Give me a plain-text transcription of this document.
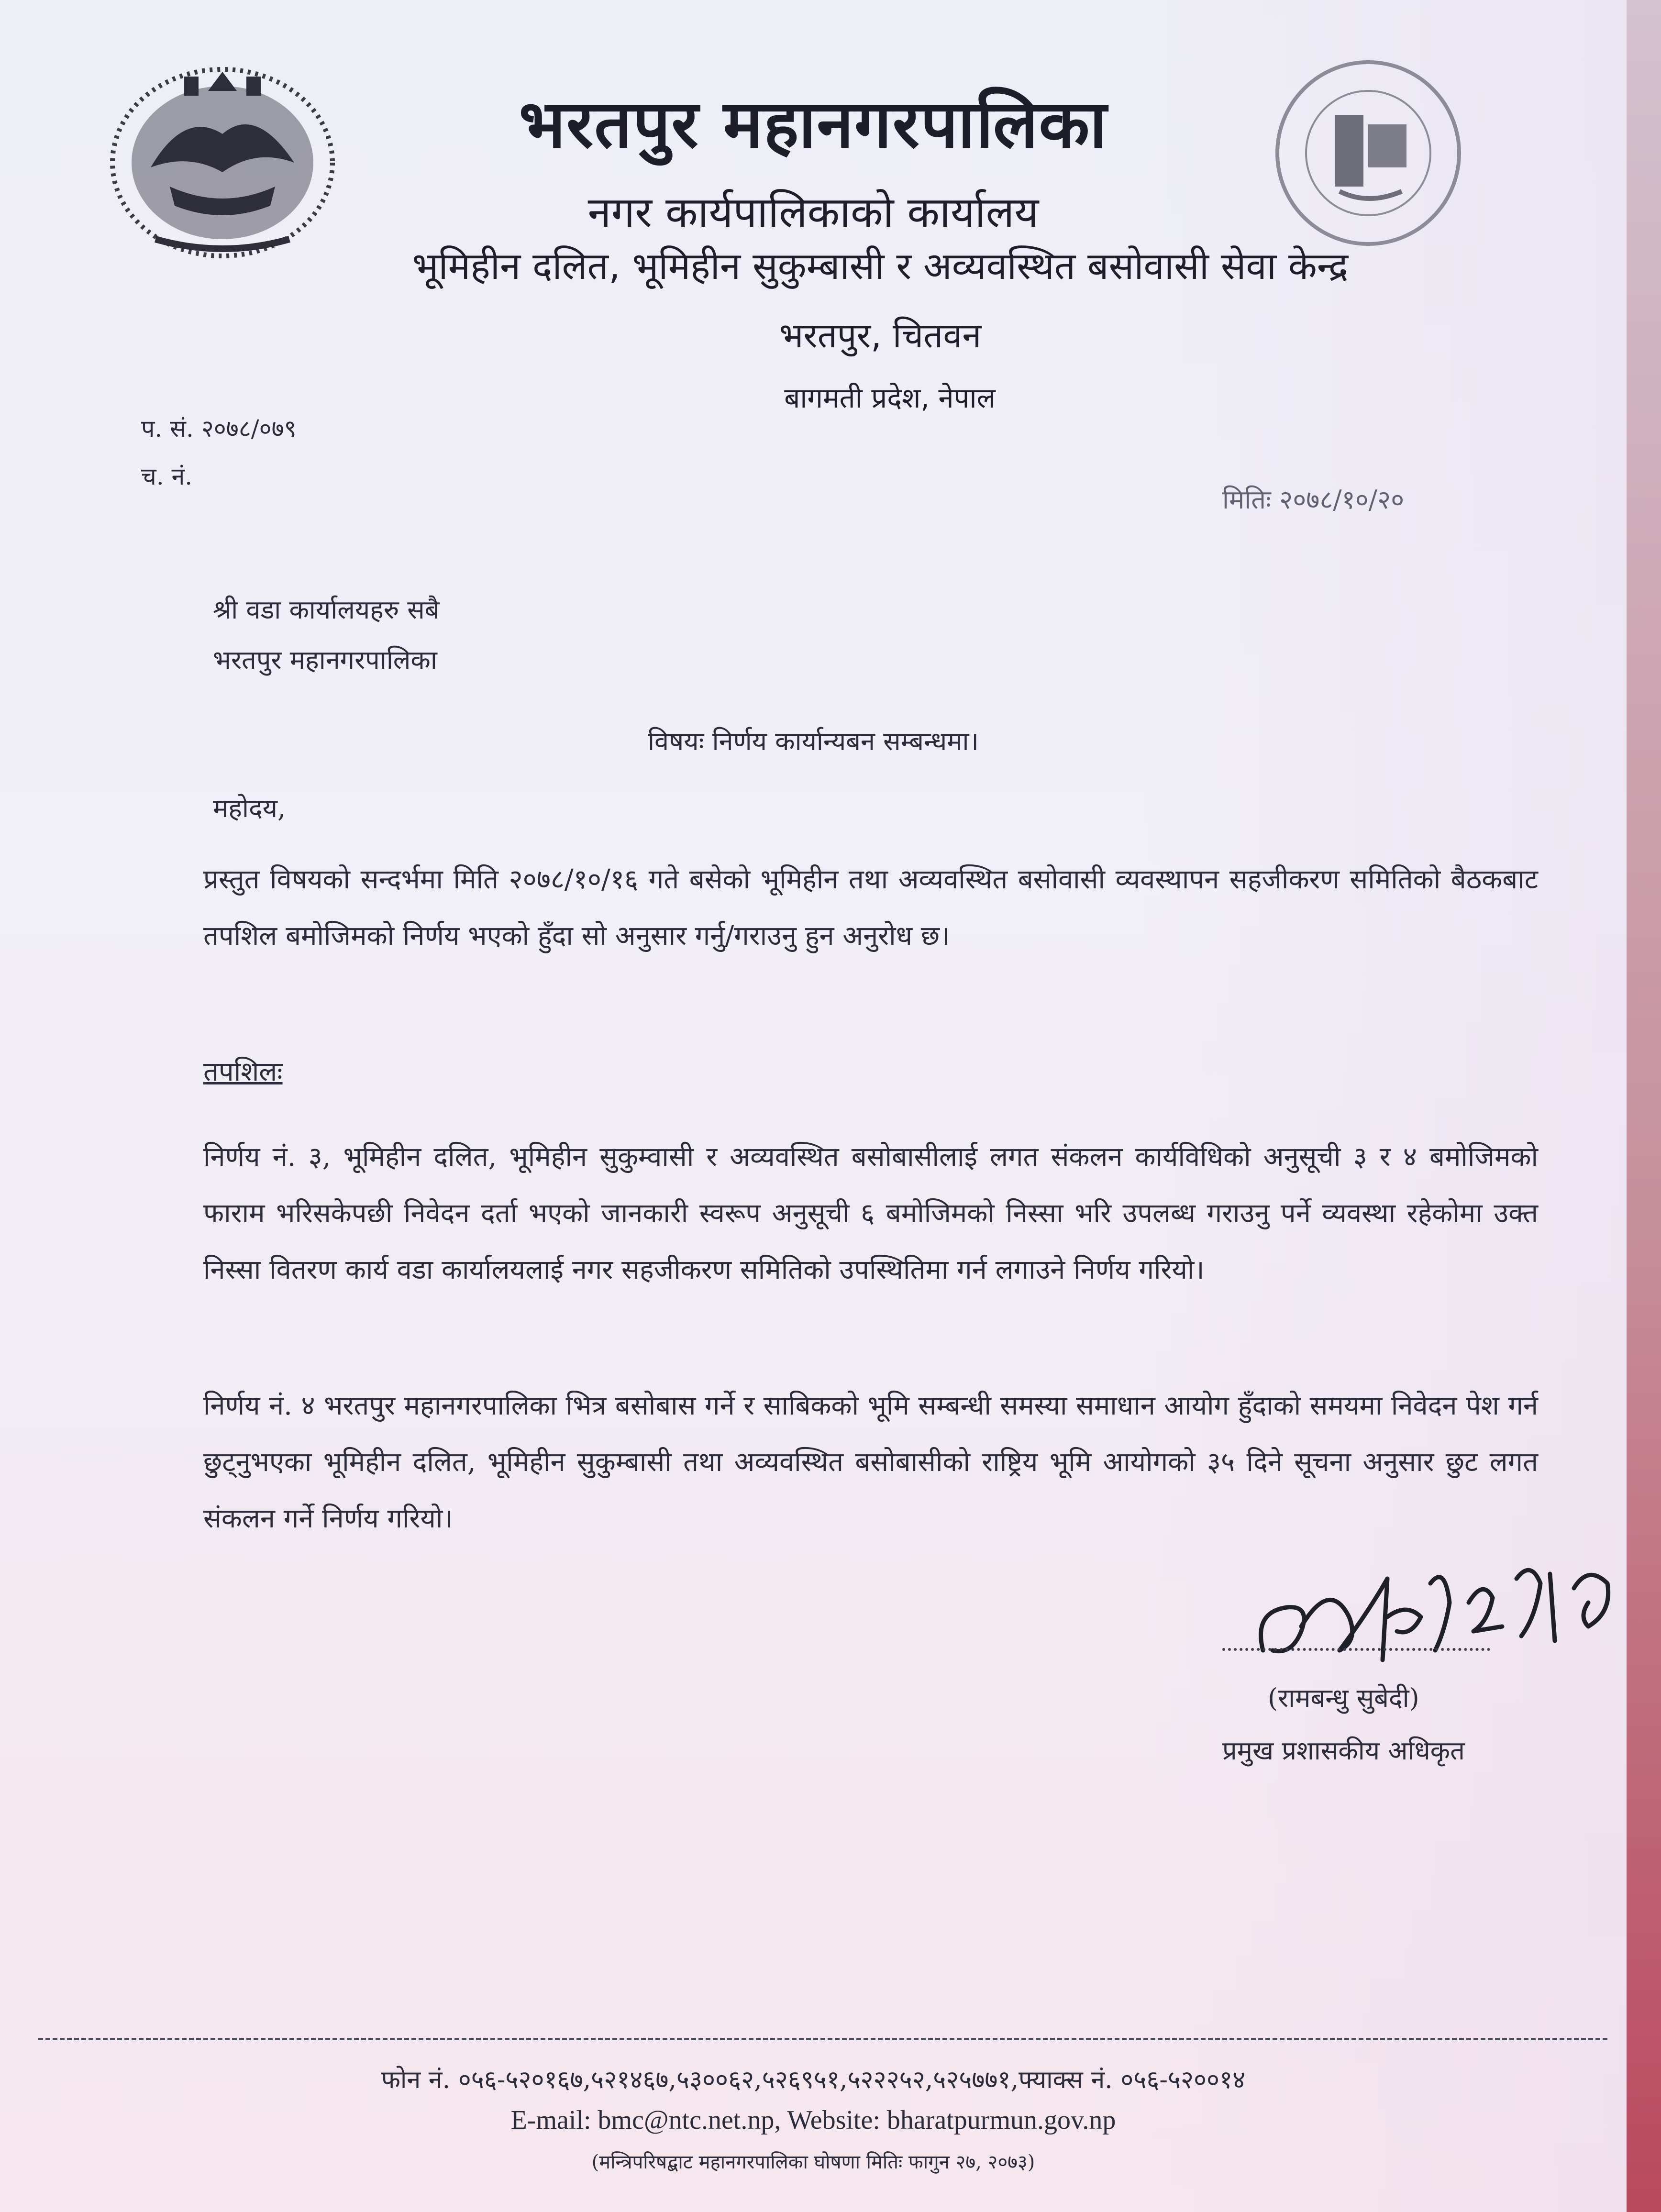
भरतपुर महानगरपालिका
नगर कार्यपालिकाको कार्यालय
भूमिहीन दलित, भूमिहीन सुकुम्बासी र अव्यवस्थित बसोवासी सेवा केन्द्र
भरतपुर, चितवन
बागमती प्रदेश, नेपाल
प. सं. २०७८/०७९
च. नं.
मितिः २०७८/१०/२०
श्री वडा कार्यालयहरु सबै
भरतपुर महानगरपालिका
विषयः निर्णय कार्यान्यबन सम्बन्धमा।
महोदय,
प्रस्तुत विषयको सन्दर्भमा मिति २०७८/१०/१६ गते बसेको भूमिहीन तथा अव्यवस्थित बसोवासी व्यवस्थापन सहजीकरण समितिको बैठकबाट तपशिल बमोजिमको निर्णय भएको हुँदा सो अनुसार गर्नु/गराउनु हुन अनुरोध छ।
तपशिलः
निर्णय नं. ३, भूमिहीन दलित, भूमिहीन सुकुम्वासी र अव्यवस्थित बसोबासीलाई लगत संकलन कार्यविधिको अनुसूची ३ र ४ बमोजिमको फाराम भरिसकेपछी निवेदन दर्ता भएको जानकारी स्वरूप अनुसूची ६ बमोजिमको निस्सा भरि उपलब्ध गराउनु पर्ने व्यवस्था रहेकोमा उक्त निस्सा वितरण कार्य वडा कार्यालयलाई नगर सहजीकरण समितिको उपस्थितिमा गर्न लगाउने निर्णय गरियो।
निर्णय नं. ४ भरतपुर महानगरपालिका भित्र बसोबास गर्ने र साबिकको भूमि सम्बन्धी समस्या समाधान आयोग हुँदाको समयमा निवेदन पेश गर्न छुट्नुभएका भूमिहीन दलित, भूमिहीन सुकुम्बासी तथा अव्यवस्थित बसोबासीको राष्ट्रिय भूमि आयोगको ३५ दिने सूचना अनुसार छुट लगत संकलन गर्ने निर्णय गरियो।
(रामबन्धु सुबेदी)
प्रमुख प्रशासकीय अधिकृत
फोन नं. ०५६-५२०१६७,५२१४६७,५३००६२,५२६९५१,५२२२५२,५२५७७१,फ्याक्स नं. ०५६-५२००१४
E-mail: bmc@ntc.net.np, Website: bharatpurmun.gov.np
(मन्त्रिपरिषद्बाट महानगरपालिका घोषणा मितिः फागुन २७, २०७३)
